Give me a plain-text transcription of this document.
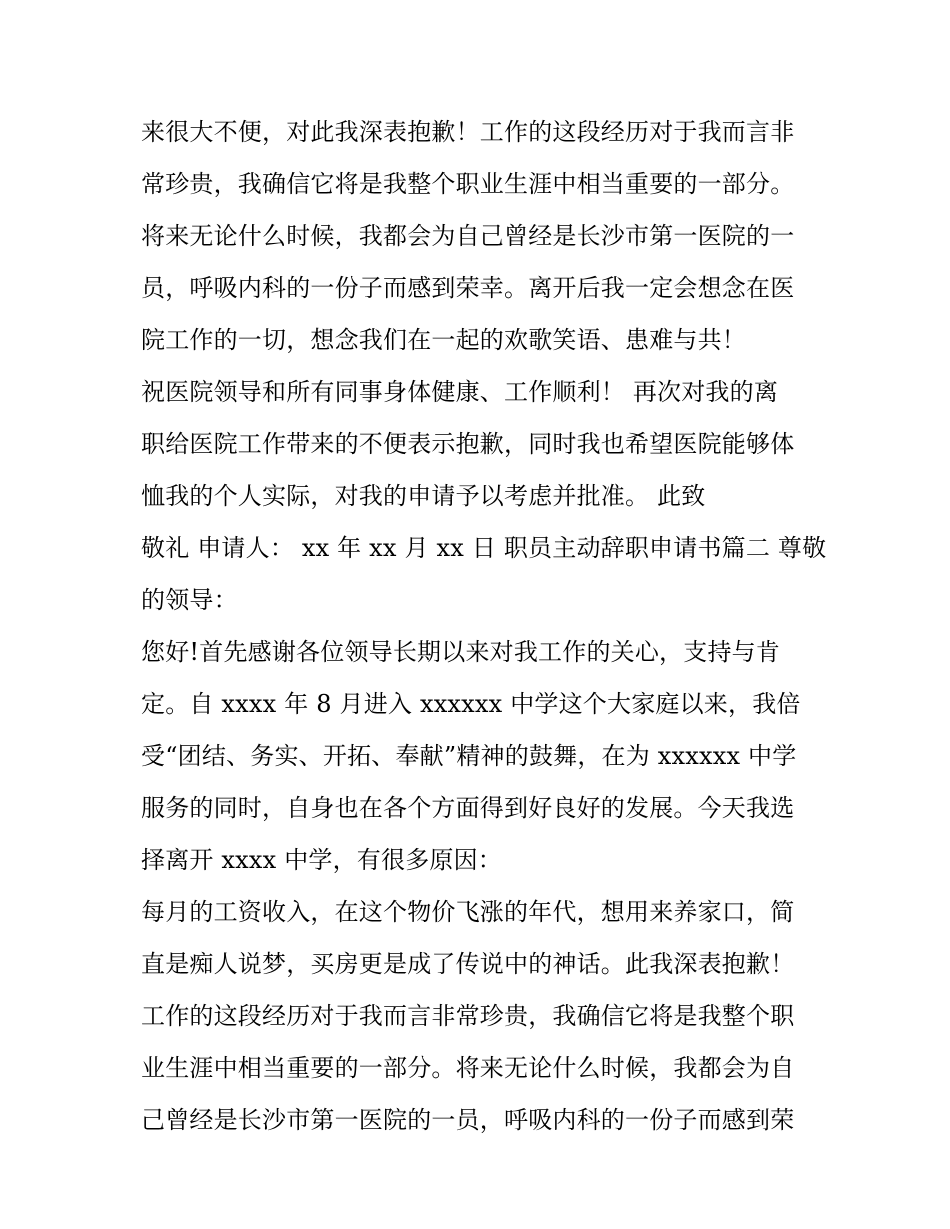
来很大不便，对此我深表抱歉！工作的这段经历对于我而言非
常珍贵，我确信它将是我整个职业生涯中相当重要的一部分。
将来无论什么时候，我都会为自己曾经是长沙市第一医院的一
员，呼吸内科的一份子而感到荣幸。离开后我一定会想念在医
院工作的一切，想念我们在一起的欢歌笑语、患难与共！
祝医院领导和所有同事身体健康、工作顺利！ 再次对我的离
职给医院工作带来的不便表示抱歉，同时我也希望医院能够体
恤我的个人实际，对我的申请予以考虑并批准。 此致
敬礼 申请人： xx 年 xx 月 xx 日 职员主动辞职申请书篇二 尊敬
的领导：
您好!首先感谢各位领导长期以来对我工作的关心，支持与肯
定。自 xxxx 年 8 月进入 xxxxxx 中学这个大家庭以来，我倍
受“团结、务实、开拓、奉献”精神的鼓舞，在为 xxxxxx 中学
服务的同时，自身也在各个方面得到好良好的发展。今天我选
择离开 xxxx 中学，有很多原因：
每月的工资收入，在这个物价飞涨的年代，想用来养家口，简
直是痴人说梦，买房更是成了传说中的神话。此我深表抱歉！
工作的这段经历对于我而言非常珍贵，我确信它将是我整个职
业生涯中相当重要的一部分。将来无论什么时候，我都会为自
己曾经是长沙市第一医院的一员，呼吸内科的一份子而感到荣
